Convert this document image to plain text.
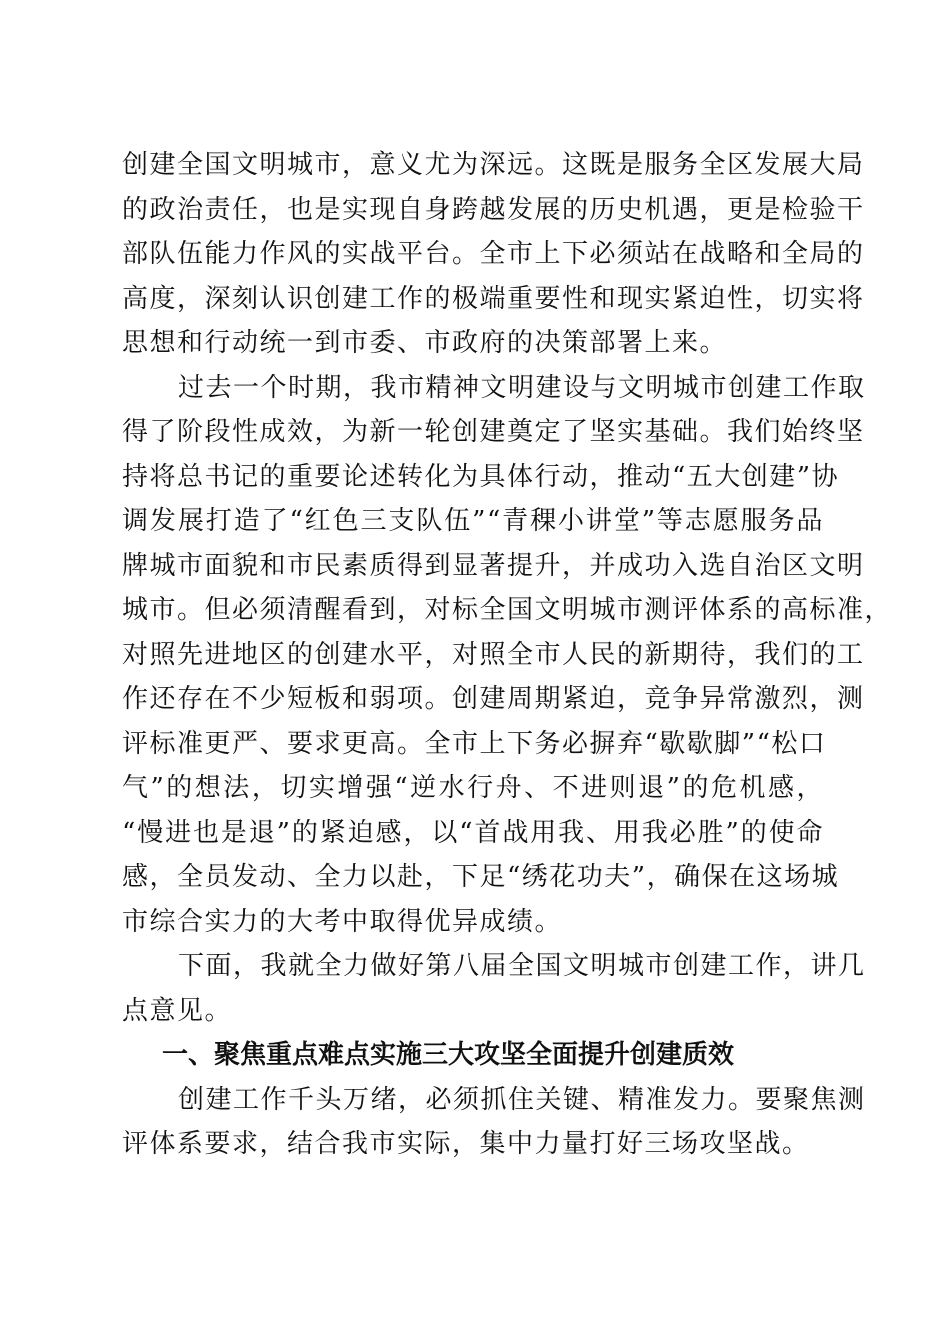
创建全国文明城市，意义尤为深远。这既是服务全区发展大局
的政治责任，也是实现自身跨越发展的历史机遇，更是检验干
部队伍能力作风的实战平台。全市上下必须站在战略和全局的
高度，深刻认识创建工作的极端重要性和现实紧迫性，切实将
思想和行动统一到市委、市政府的决策部署上来。
过去一个时期，我市精神文明建设与文明城市创建工作取
得了阶段性成效，为新一轮创建奠定了坚实基础。我们始终坚
持将总书记的重要论述转化为具体行动，推动“五大创建”协
调发展打造了“红色三支队伍”“青稞小讲堂”等志愿服务品
牌城市面貌和市民素质得到显著提升，并成功入选自治区文明
城市。但必须清醒看到，对标全国文明城市测评体系的高标准，
对照先进地区的创建水平，对照全市人民的新期待，我们的工
作还存在不少短板和弱项。创建周期紧迫，竞争异常激烈，测
评标准更严、要求更高。全市上下务必摒弃“歇歇脚”“松口
气”的想法，切实增强“逆水行舟、不进则退”的危机感，
“慢进也是退”的紧迫感，以“首战用我、用我必胜”的使命
感，全员发动、全力以赴，下足“绣花功夫”，确保在这场城
市综合实力的大考中取得优异成绩。
下面，我就全力做好第八届全国文明城市创建工作，讲几
点意见。
一、聚焦重点难点实施三大攻坚全面提升创建质效
创建工作千头万绪，必须抓住关键、精准发力。要聚焦测
评体系要求，结合我市实际，集中力量打好三场攻坚战。
